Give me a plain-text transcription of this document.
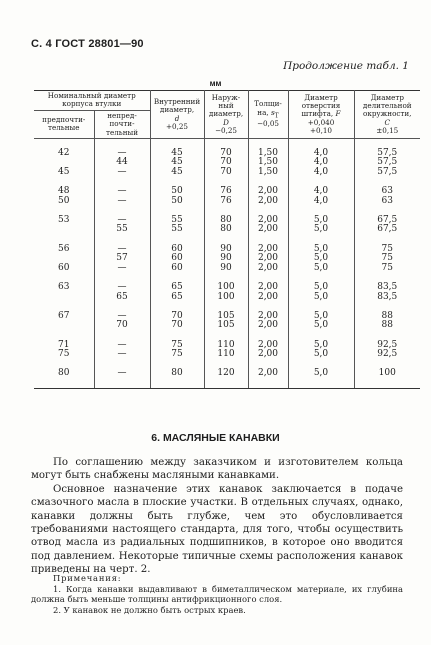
С. 4 ГОСТ 28801—90
Продолжение табл. 1
мм
Номинальный диаметр корпуса втулки		Внутренний диаметр,
d
+0,25	Наруж-ный диаметр,
D
−0,25	Толщи-на, $s_T$
−0,05	Диаметр отверстия штифта, F
+0,040
+0,10	Диаметр делительной окружности,
C
±0,15
предпочти-тельные	непред-почти-тельный					

42	—	45	70	1,50	4,0	57,5
	44	45	70	1,50	4,0	57,5
45	—	45	70	1,50	4,0	57,5

48	—	50	76	2,00	4,0	63
50	—	50	76	2,00	4,0	63

53	—	55	80	2,00	5,0	67,5
	55	55	80	2,00	5,0	67,5

56	—	60	90	2,00	5,0	75
	57	60	90	2,00	5,0	75
60	—	60	90	2,00	5,0	75

63	—	65	100	2,00	5,0	83,5
	65	65	100	2,00	5,0	83,5

67	—	70	105	2,00	5,0	88
	70	70	105	2,00	5,0	88

71	—	75	110	2,00	5,0	92,5
75	—	75	110	2,00	5,0	92,5

80	—	80	120	2,00	5,0	100

6. МАСЛЯНЫЕ КАНАВКИ

По соглашению между заказчиком и изготовителем кольца могут быть снабжены масляными канавками.

Основное назначение этих канавок заключается в подаче смазочного масла в плоские участки. В отдельных случаях, однако, канавки должны быть глубже, чем это обусловливается требованиями настоящего стандарта, для того, чтобы осуществить отвод масла из радиальных подшипников, в которое оно вводится под давлением. Некоторые типичные схемы расположения канавок приведены на черт. 2.

Примечания:

1. Когда канавки выдавливают в биметаллическом материале, их глубина должна быть меньше толщины антифрикционного слоя.

2. У канавок не должно быть острых краев.
